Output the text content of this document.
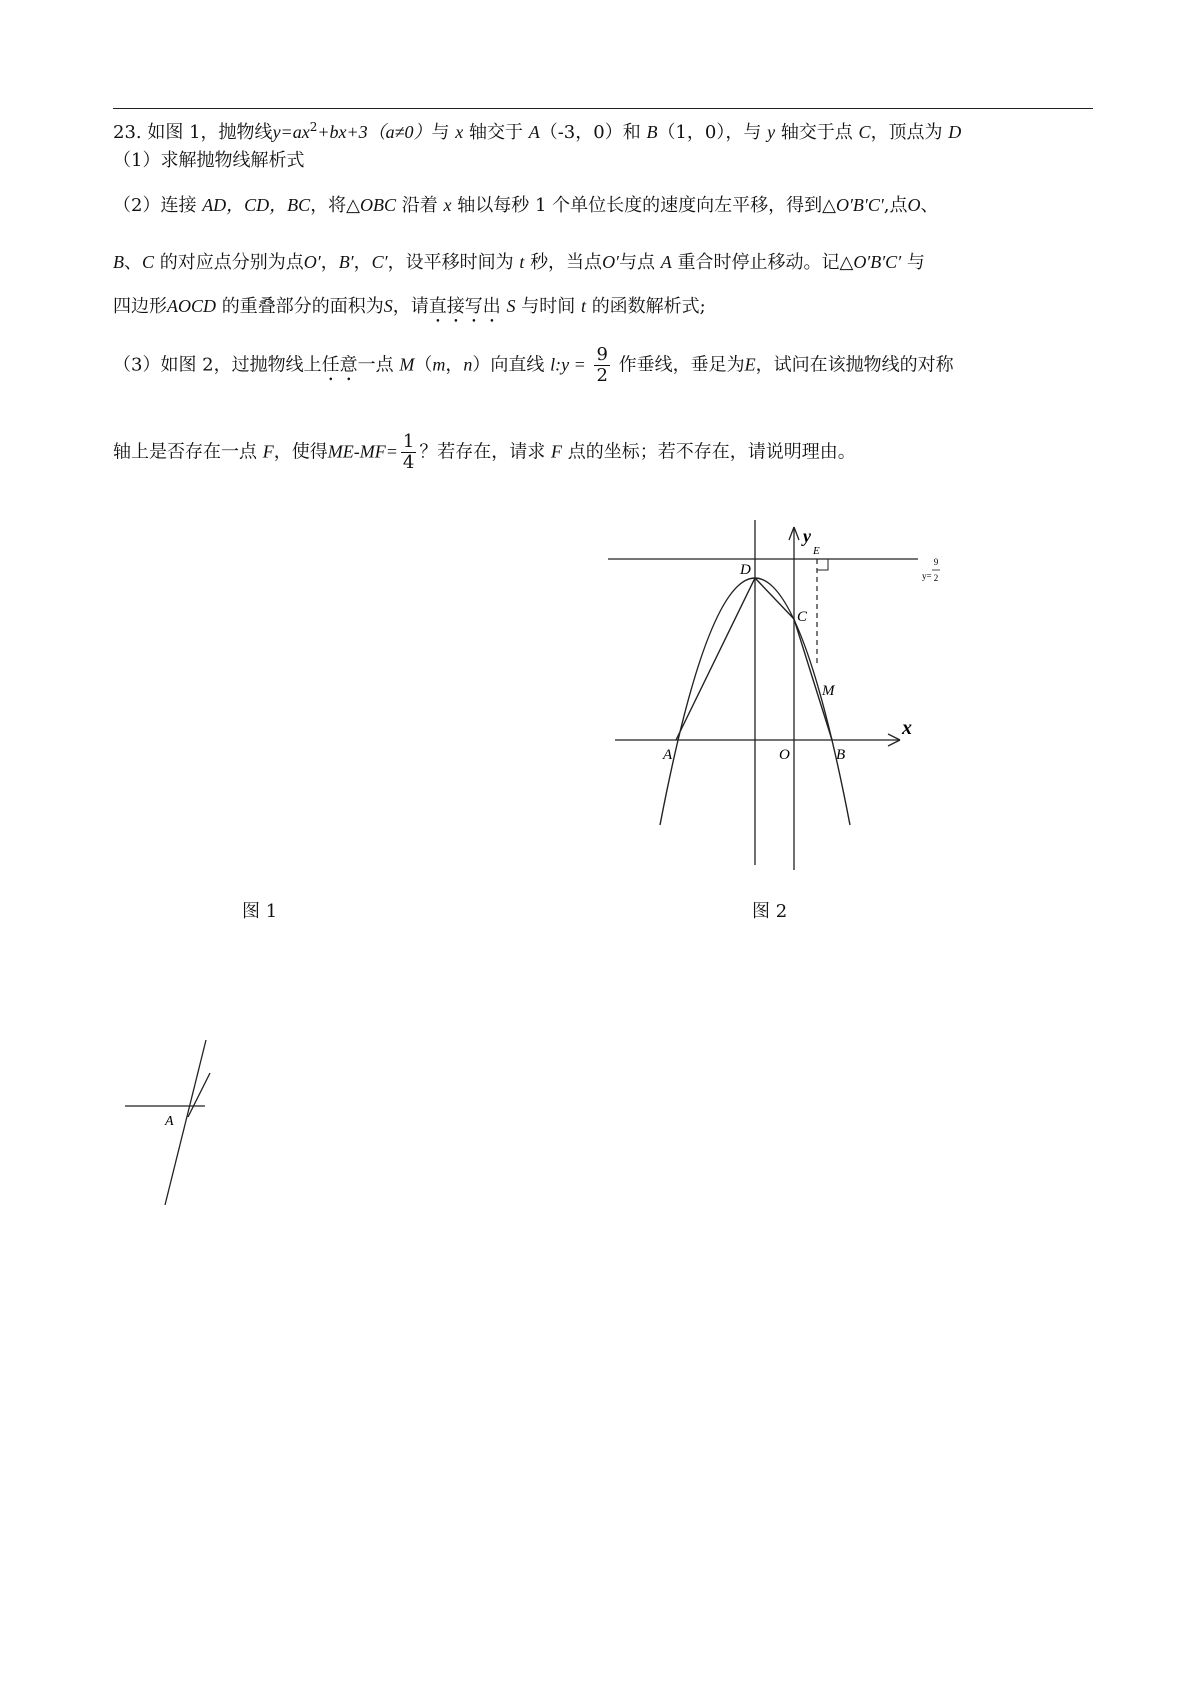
23. 如图 1，抛物线$y=ax^2+bx+3(a\ne 0)$与 x 轴交于 A（-3，0）和 B（1，0），与 y 轴交于点 C，顶点为 D
（1）求解抛物线解析式
（2）连接 AD，CD，BC，将△OBC 沿着 x 轴以每秒 1 个单位长度的速度向左平移，得到△O′B′C′,点O、
B、C 的对应点分别为点O′，B′，C′，设平移时间为 t 秒，当点O′与点 A 重合时停止移动。记△O′B′C′ 与
四边形AOCD 的重叠部分的面积为S，请直接写出 S 与时间 t 的函数解析式;
（3）如图 2，过抛物线上任意一点 M（m，n）向直线 l:y = $\frac{9}{2}$ 作垂线，垂足为E，试问在该抛物线的对称
轴上是否存在一点 F，使得$ME-MF= \frac{1}{4}$ ？若存在，请求 F 点的坐标；若不存在，请说明理由。
y=
9
2
x
y
E
D
C
M
A	O	B
图 1	图 2
A
